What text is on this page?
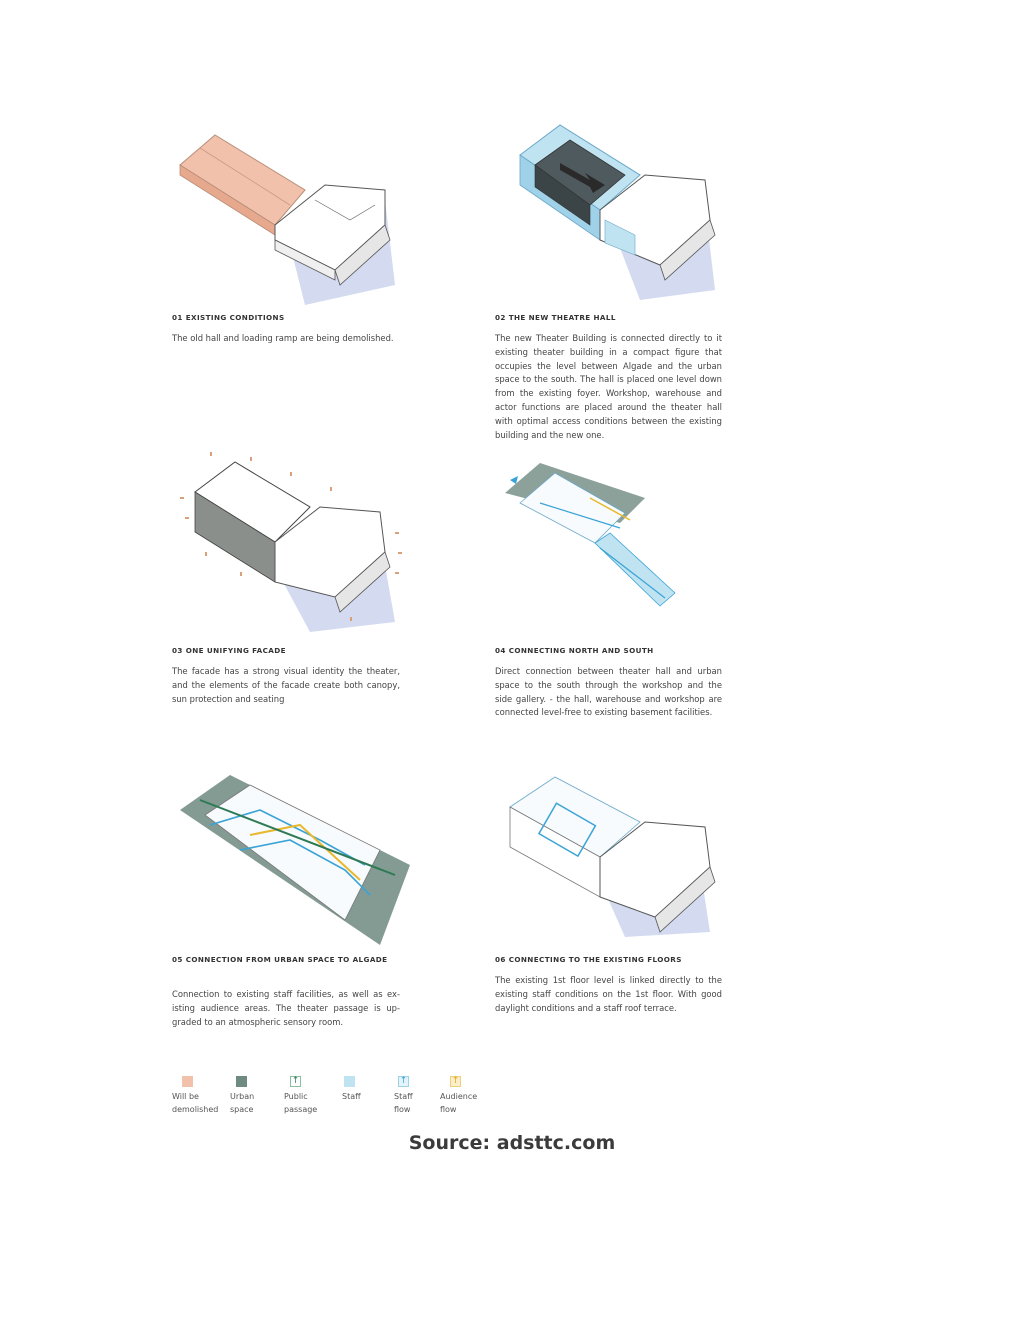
01 EXISTING CONDITIONS
The old hall and loading ramp are being demolished.
02 THE NEW THEATRE HALL
The new Theater Building is connected directly to it existing theater building in a compact figure that occupies the level between Algade and the urban space to the south. The hall is placed one level down from the existing foyer. Workshop, warehouse and actor functions are placed around the theater hall with optimal access conditions between the existing building and the new one.
03 ONE UNIFYING FACADE
The facade has a strong visual identity the theater, and the elements of the facade create both canopy, sun protection and seating
04 CONNECTING NORTH AND SOUTH
Direct connection between theater hall and urban space to the south through the workshop and the side gallery. - the hall, warehouse and workshop are connected level-free to existing basement facilities.
05 CONNECTION FROM URBAN SPACE TO ALGADE
Connection to existing staff facilities, as well as ex-isting audience areas. The theater passage is up-graded to an atmospheric sensory room.
06 CONNECTING TO THE EXISTING FLOORS
The existing 1st floor level is linked directly to the existing staff conditions on the 1st floor. With good daylight conditions and a staff roof terrace.
Will be demolished
Urban space
↑
Public passage
Staff
↑
Staff flow
↑
Audience flow
Source: adsttc.com
